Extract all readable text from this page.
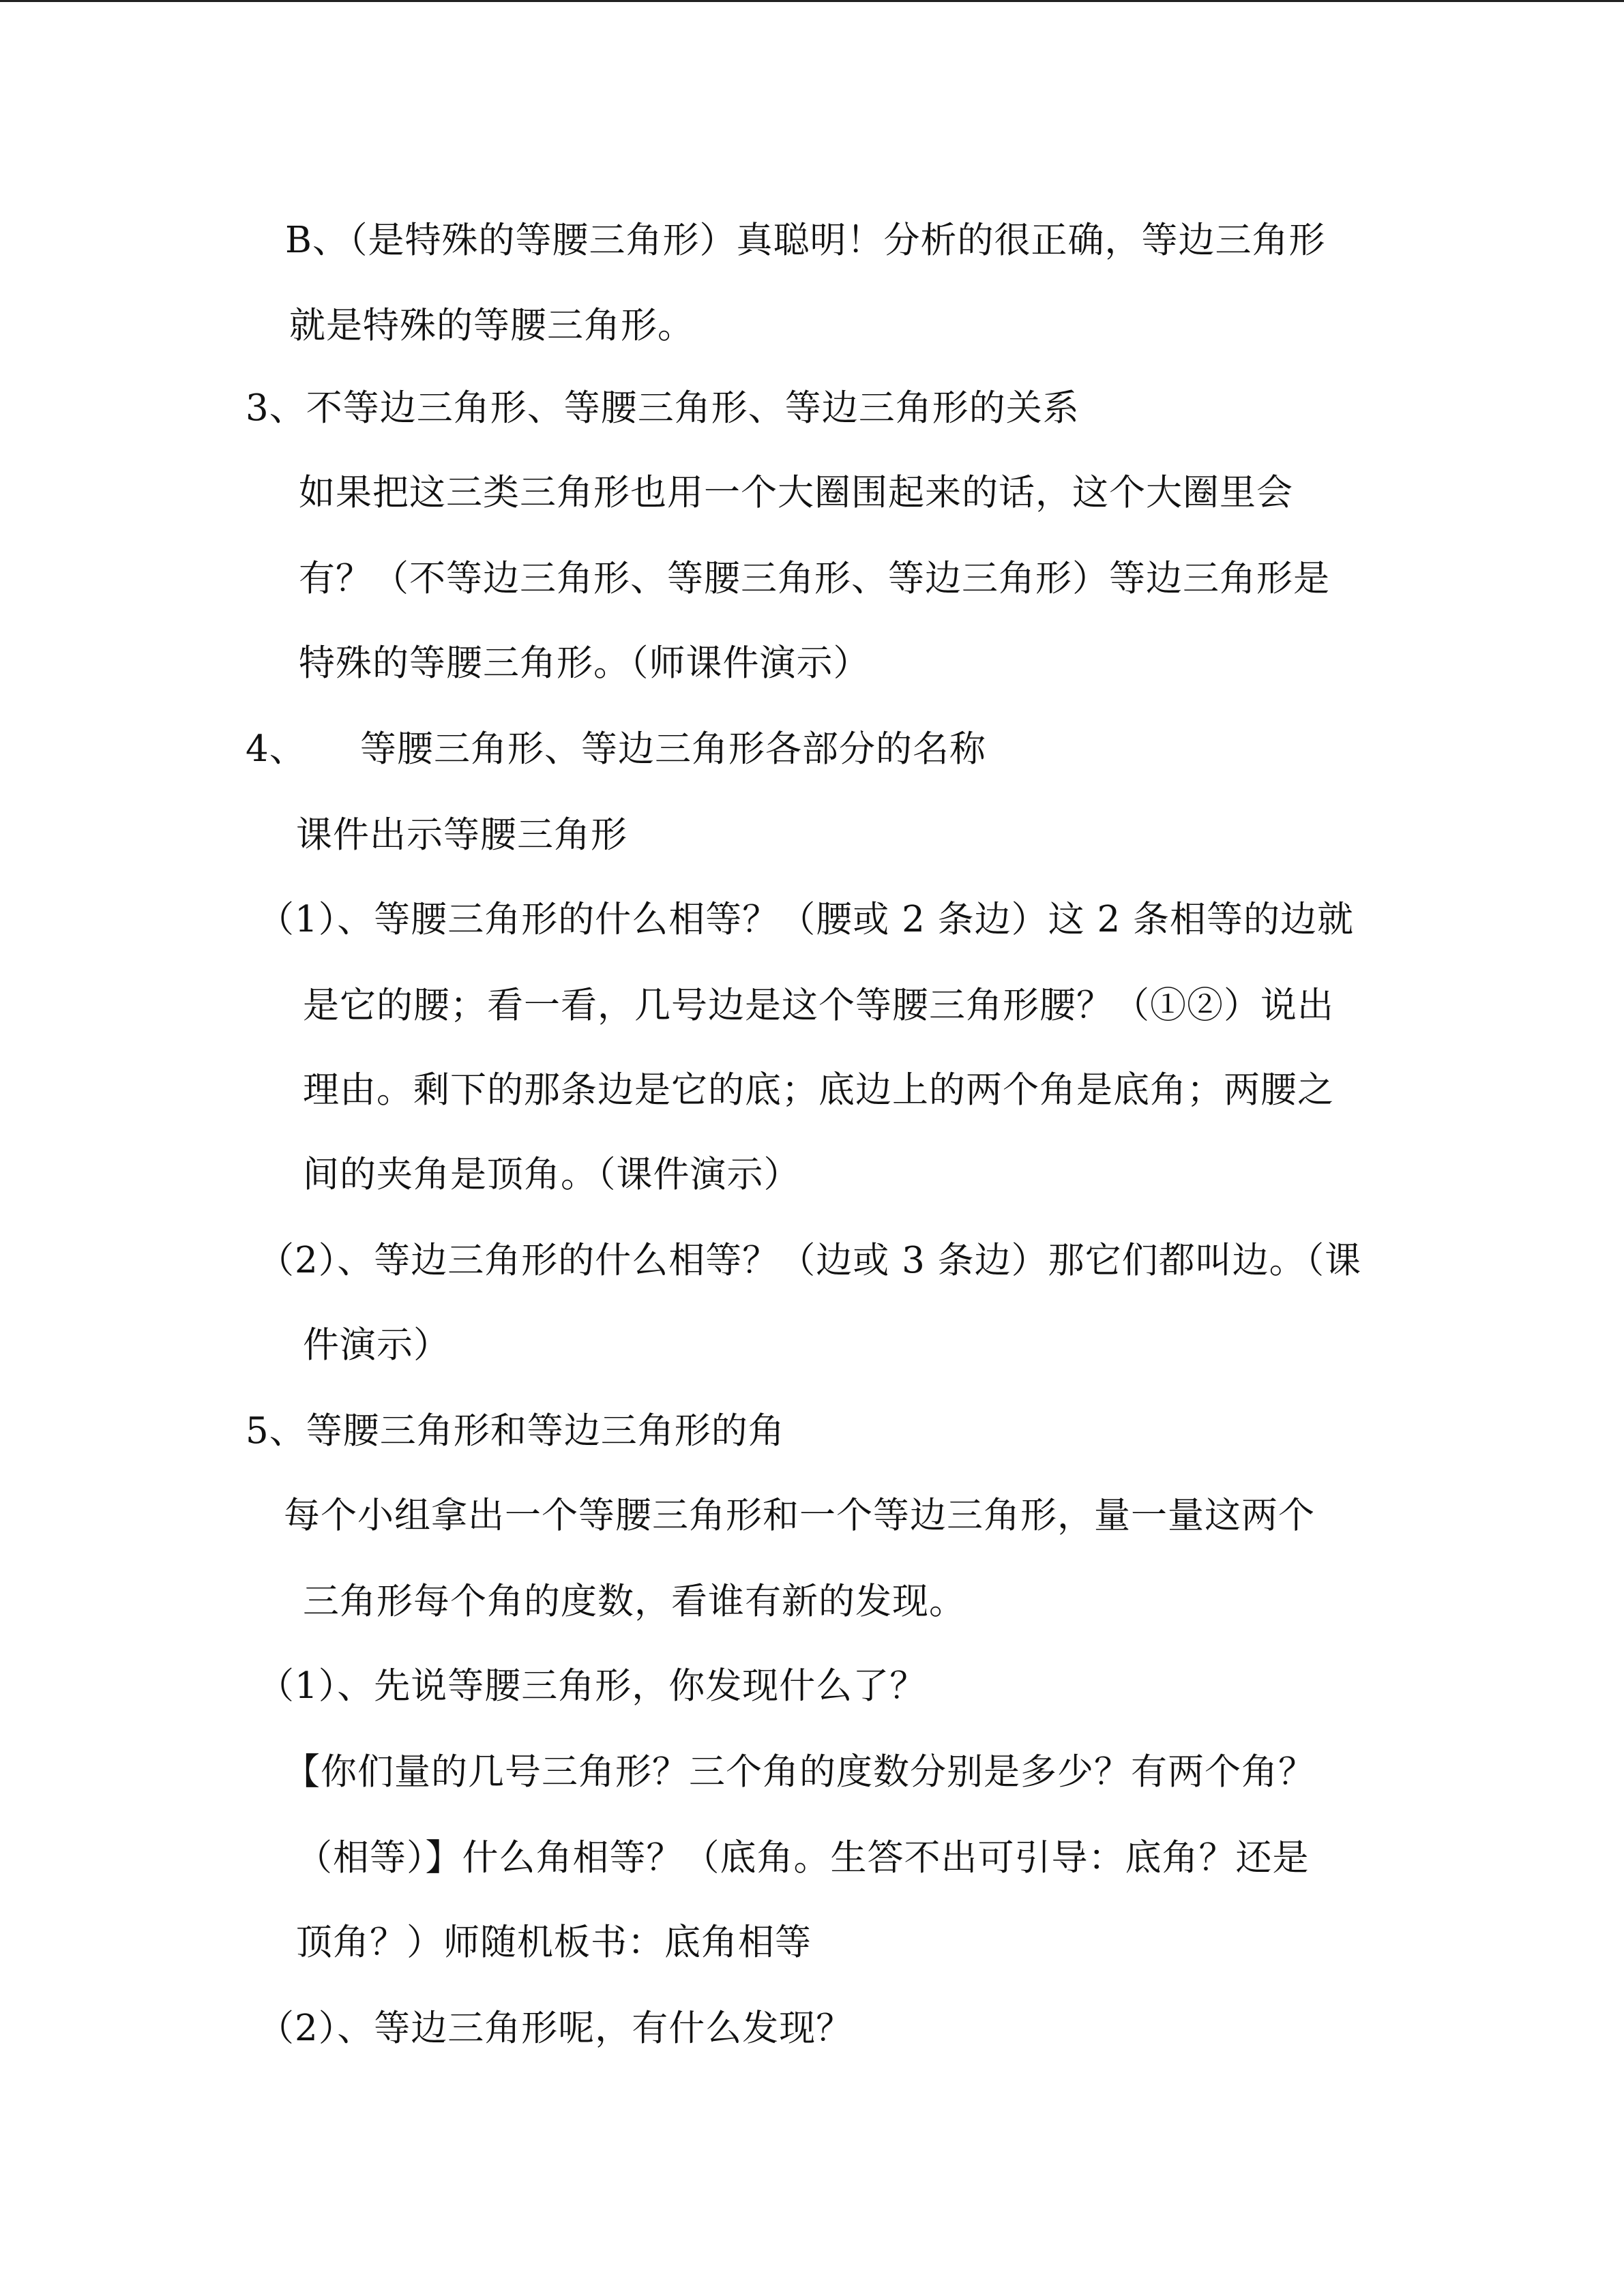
B、（是特殊的等腰三角形）真聪明！分析的很正确，等边三角形
就是特殊的等腰三角形。
3、不等边三角形、等腰三角形、等边三角形的关系
如果把这三类三角形也用一个大圈围起来的话，这个大圈里会
有？（不等边三角形、等腰三角形、等边三角形）等边三角形是
特殊的等腰三角形。（师课件演示）
4、 等腰三角形、等边三角形各部分的名称
课件出示等腰三角形
（1）、等腰三角形的什么相等？（腰或 2 条边）这 2 条相等的边就
是它的腰；看一看，几号边是这个等腰三角形腰？（①②）说出
理由。剩下的那条边是它的底；底边上的两个角是底角；两腰之
间的夹角是顶角。（课件演示）
（2）、等边三角形的什么相等？（边或 3 条边）那它们都叫边。（课
件演示）
5、等腰三角形和等边三角形的角
每个小组拿出一个等腰三角形和一个等边三角形，量一量这两个
三角形每个角的度数，看谁有新的发现。
（1）、先说等腰三角形，你发现什么了？
【你们量的几号三角形？三个角的度数分别是多少？有两个角？
（相等）】什么角相等？（底角。生答不出可引导：底角？还是
顶角？）师随机板书：底角相等
（2）、等边三角形呢，有什么发现？
